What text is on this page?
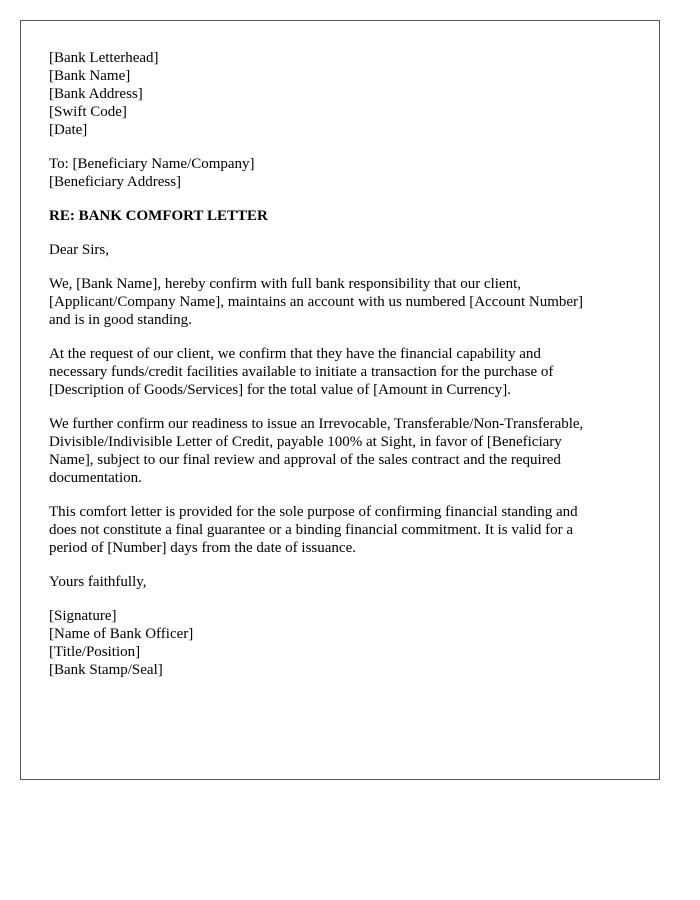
[Bank Letterhead]
[Bank Name]
[Bank Address]
[Swift Code]
[Date]
To: [Beneficiary Name/Company]
[Beneficiary Address]
RE: BANK COMFORT LETTER
Dear Sirs,

We, [Bank Name], hereby confirm with full bank responsibility that our client,
[Applicant/Company Name], maintains an account with us numbered [Account Number]
and is in good standing.

At the request of our client, we confirm that they have the financial capability and
necessary funds/credit facilities available to initiate a transaction for the purchase of
[Description of Goods/Services] for the total value of [Amount in Currency].

We further confirm our readiness to issue an Irrevocable, Transferable/Non-Transferable,
Divisible/Indivisible Letter of Credit, payable 100% at Sight, in favor of [Beneficiary
Name], subject to our final review and approval of the sales contract and the required
documentation.

This comfort letter is provided for the sole purpose of confirming financial standing and
does not constitute a final guarantee or a binding financial commitment. It is valid for a
period of [Number] days from the date of issuance.

Yours faithfully,
[Signature]
[Name of Bank Officer]
[Title/Position]
[Bank Stamp/Seal]
